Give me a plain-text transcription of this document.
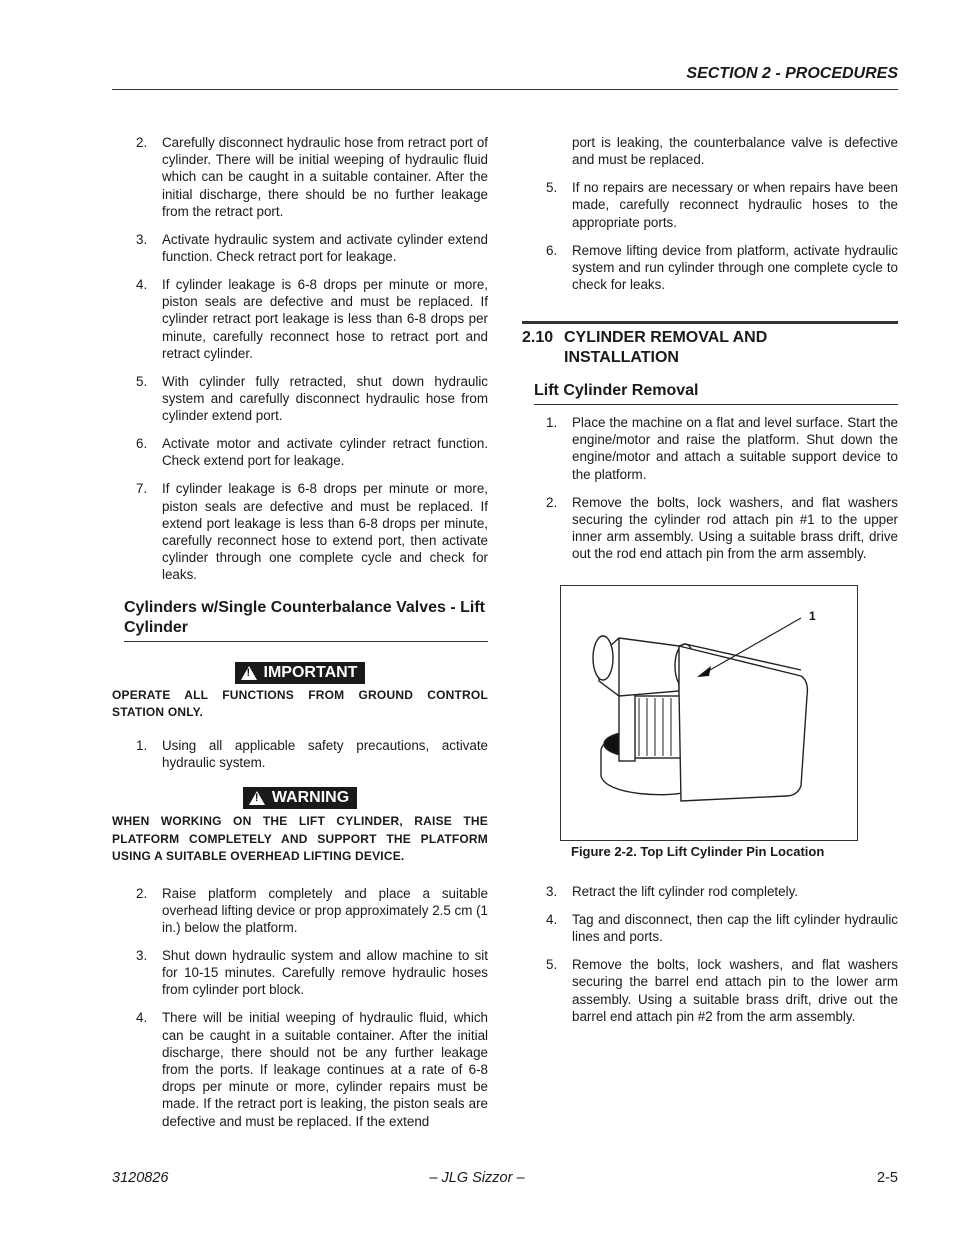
SECTION 2 - PROCEDURES
2. Carefully disconnect hydraulic hose from retract port of cylinder. There will be initial weeping of hydraulic fluid which can be caught in a suitable container. After the initial discharge, there should be no further leakage from the retract port.
3. Activate hydraulic system and activate cylinder extend function. Check retract port for leakage.
4. If cylinder leakage is 6-8 drops per minute or more, piston seals are defective and must be replaced. If cylinder retract port leakage is less than 6-8 drops per minute, carefully reconnect hose to retract port and retract cylinder.
5. With cylinder fully retracted, shut down hydraulic system and carefully disconnect hydraulic hose from cylinder extend port.
6. Activate motor and activate cylinder retract function. Check extend port for leakage.
7. If cylinder leakage is 6-8 drops per minute or more, piston seals are defective and must be replaced. If extend port leakage is less than 6-8 drops per minute, carefully reconnect hose to extend port, then activate cylinder through one complete cycle and check for leaks.
Cylinders w/Single Counterbalance Valves - Lift Cylinder
! IMPORTANT
OPERATE ALL FUNCTIONS FROM GROUND CONTROL STATION ONLY.
1. Using all applicable safety precautions, activate hydraulic system.
! WARNING
WHEN WORKING ON THE LIFT CYLINDER, RAISE THE PLATFORM COMPLETELY AND SUPPORT THE PLATFORM USING A SUITABLE OVERHEAD LIFTING DEVICE.
2. Raise platform completely and place a suitable overhead lifting device or prop approximately 2.5 cm (1 in.) below the platform.
3. Shut down hydraulic system and allow machine to sit for 10-15 minutes. Carefully remove hydraulic hoses from cylinder port block.
4. There will be initial weeping of hydraulic fluid, which can be caught in a suitable container. After the initial discharge, there should not be any further leakage from the ports. If leakage continues at a rate of 6-8 drops per minute or more, cylinder repairs must be made. If the retract port is leaking, the piston seals are defective and must be replaced. If the extend
port is leaking, the counterbalance valve is defective and must be replaced.
5. If no repairs are necessary or when repairs have been made, carefully reconnect hydraulic hoses to the appropriate ports.
6. Remove lifting device from platform, activate hydraulic system and run cylinder through one complete cycle to check for leaks.
2.10 CYLINDER REMOVAL AND
INSTALLATION
Lift Cylinder Removal
1. Place the machine on a flat and level surface. Start the engine/motor and raise the platform. Shut down the engine/motor and attach a suitable support device to the platform.
2. Remove the bolts, lock washers, and flat washers securing the cylinder rod attach pin #1 to the upper inner arm assembly. Using a suitable brass drift, drive out the rod end attach pin from the arm assembly.
1
Figure 2-2. Top Lift Cylinder Pin Location
3. Retract the lift cylinder rod completely.
4. Tag and disconnect, then cap the lift cylinder hydraulic lines and ports.
5. Remove the bolts, lock washers, and flat washers securing the barrel end attach pin to the lower arm assembly. Using a suitable brass drift, drive out the barrel end attach pin #2 from the arm assembly.
3120826	– JLG Sizzor –	2-5
